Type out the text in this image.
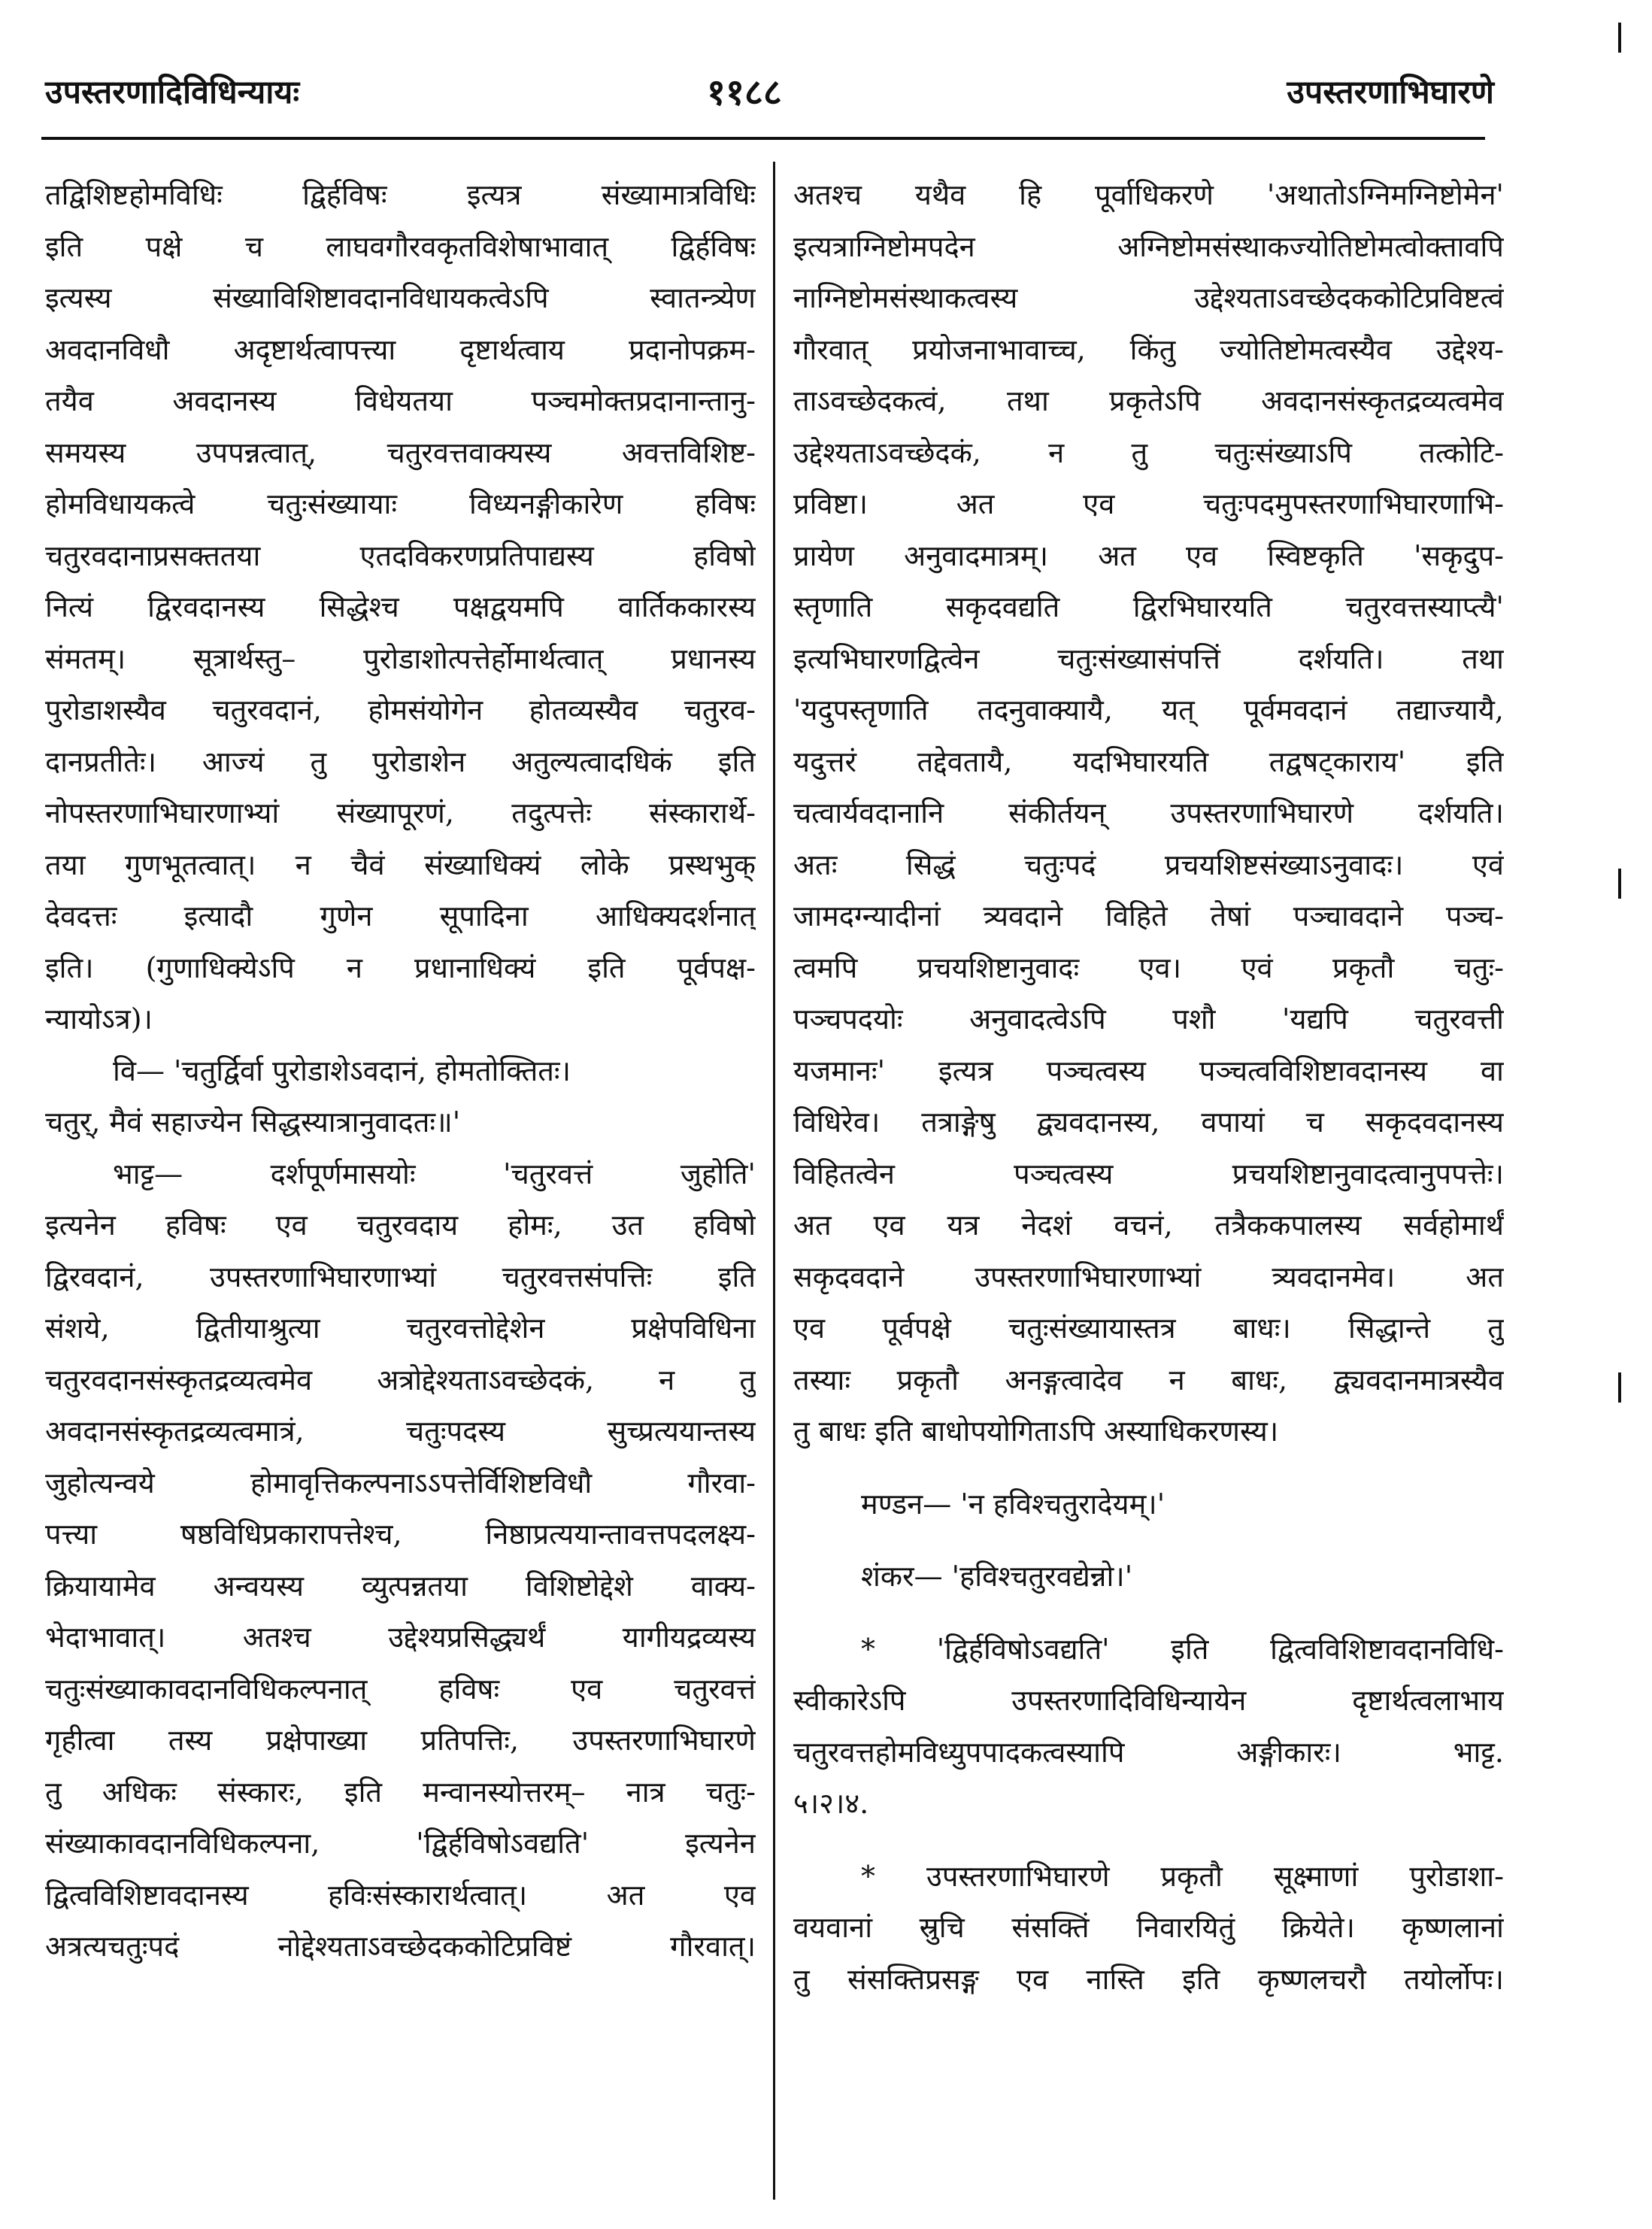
उपस्तरणादिविधिन्यायः	११८८	उपस्तरणाभिघारणे
तद्विशिष्टहोमविधिः द्विर्हविषः इत्यत्र संख्यामात्रविधिः
इति पक्षे च लाघवगौरवकृतविशेषाभावात् द्विर्हविषः
इत्यस्य संख्याविशिष्टावदानविधायकत्वेऽपि स्वातन्त्र्येण
अवदानविधौ अदृष्टार्थत्वापत्त्या दृष्टार्थत्वाय प्रदानोपक्रम-
तयैव अवदानस्य विधेयतया पञ्चमोक्तप्रदानान्तानु-
समयस्य उपपन्नत्वात्, चतुरवत्तवाक्यस्य अवत्तविशिष्ट-
होमविधायकत्वे चतुःसंख्यायाः विध्यनङ्गीकारेण हविषः
चतुरवदानाप्रसक्ततया एतदविकरणप्रतिपाद्यस्य हविषो
नित्यं द्विरवदानस्य सिद्धेश्च पक्षद्वयमपि वार्तिककारस्य
संमतम्। सूत्रार्थस्तु– पुरोडाशोत्पत्तेर्होमार्थत्वात् प्रधानस्य
पुरोडाशस्यैव चतुरवदानं, होमसंयोगेन होतव्यस्यैव चतुरव-
दानप्रतीतेः। आज्यं तु पुरोडाशेन अतुल्यत्वादधिकं इति
नोपस्तरणाभिघारणाभ्यां संख्यापूरणं, तदुत्पत्तेः संस्कारार्थे-
तया गुणभूतत्वात्। न चैवं संख्याधिक्यं लोके प्रस्थभुक्
देवदत्तः इत्यादौ गुणेन सूपादिना आधिक्यदर्शनात्
इति। (गुणाधिक्येऽपि न प्रधानाधिक्यं इति पूर्वपक्ष-
न्यायोऽत्र)।
वि— 'चतुर्द्विर्वा पुरोडाशेऽवदानं, होमतोक्तितः।
चतुर्, मैवं सहाज्येन सिद्धस्यात्रानुवादतः॥'
भाट्ट— दर्शपूर्णमासयोः 'चतुरवत्तं जुहोति'
इत्यनेन हविषः एव चतुरवदाय होमः, उत हविषो
द्विरवदानं, उपस्तरणाभिघारणाभ्यां चतुरवत्तसंपत्तिः इति
संशये, द्वितीयाश्रुत्या चतुरवत्तोद्देशेन प्रक्षेपविधिना
चतुरवदानसंस्कृतद्रव्यत्वमेव अत्रोद्देश्यताऽवच्छेदकं, न तु
अवदानसंस्कृतद्रव्यत्वमात्रं, चतुःपदस्य सुच्प्रत्ययान्तस्य
जुहोत्यन्वये होमावृत्तिकल्पनाऽऽपत्तेर्विशिष्टविधौ गौरवा-
पत्त्या षष्ठविधिप्रकारापत्तेश्च, निष्ठाप्रत्ययान्तावत्तपदलक्ष्य-
क्रियायामेव अन्वयस्य व्युत्पन्नतया विशिष्टोद्देशे वाक्य-
भेदाभावात्। अतश्च उद्देश्यप्रसिद्ध्यर्थं यागीयद्रव्यस्य
चतुःसंख्याकावदानविधिकल्पनात् हविषः एव चतुरवत्तं
गृहीत्वा तस्य प्रक्षेपाख्या प्रतिपत्तिः, उपस्तरणाभिघारणे
तु अधिकः संस्कारः, इति मन्वानस्योत्तरम्– नात्र चतुः-
संख्याकावदानविधिकल्पना, 'द्विर्हविषोऽवद्यति' इत्यनेन
द्वित्वविशिष्टावदानस्य हविःसंस्कारार्थत्वात्। अत एव
अत्रत्यचतुःपदं नोद्देश्यताऽवच्छेदककोटिप्रविष्टं गौरवात्।
अतश्च यथैव हि पूर्वाधिकरणे 'अथातोऽग्निमग्निष्टोमेन'
इत्यत्राग्निष्टोमपदेन अग्निष्टोमसंस्थाकज्योतिष्टोमत्वोक्तावपि
नाग्निष्टोमसंस्थाकत्वस्य उद्देश्यताऽवच्छेदककोटिप्रविष्टत्वं
गौरवात् प्रयोजनाभावाच्च, किंतु ज्योतिष्टोमत्वस्यैव उद्देश्य-
ताऽवच्छेदकत्वं, तथा प्रकृतेऽपि अवदानसंस्कृतद्रव्यत्वमेव
उद्देश्यताऽवच्छेदकं, न तु चतुःसंख्याऽपि तत्कोटि-
प्रविष्टा। अत एव चतुःपदमुपस्तरणाभिघारणाभि-
प्रायेण अनुवादमात्रम्। अत एव स्विष्टकृति 'सकृदुप-
स्तृणाति सकृदवद्यति द्विरभिघारयति चतुरवत्तस्याप्त्यै'
इत्यभिघारणद्वित्वेन चतुःसंख्यासंपत्तिं दर्शयति। तथा
'यदुपस्तृणाति तदनुवाक्यायै, यत् पूर्वमवदानं तद्याज्यायै,
यदुत्तरं तद्देवतायै, यदभिघारयति तद्वषट्काराय' इति
चत्वार्यवदानानि संकीर्तयन् उपस्तरणाभिघारणे दर्शयति।
अतः सिद्धं चतुःपदं प्रचयशिष्टसंख्याऽनुवादः। एवं
जामदग्न्यादीनां त्र्यवदाने विहिते तेषां पञ्चावदाने पञ्च-
त्वमपि प्रचयशिष्टानुवादः एव। एवं प्रकृतौ चतुः-
पञ्चपदयोः अनुवादत्वेऽपि पशौ 'यद्यपि चतुरवत्ती
यजमानः' इत्यत्र पञ्चत्वस्य पञ्चत्वविशिष्टावदानस्य वा
विधिरेव। तत्राङ्गेषु द्व्यवदानस्य, वपायां च सकृदवदानस्य
विहितत्वेन पञ्चत्वस्य प्रचयशिष्टानुवादत्वानुपपत्तेः।
अत एव यत्र नेदशं वचनं, तत्रैककपालस्य सर्वहोमार्थं
सकृदवदाने उपस्तरणाभिघारणाभ्यां त्र्यवदानमेव। अत
एव पूर्वपक्षे चतुःसंख्यायास्तत्र बाधः। सिद्धान्ते तु
तस्याः प्रकृतौ अनङ्गत्वादेव न बाधः, द्व्यवदानमात्रस्यैव
तु बाधः इति बाधोपयोगिताऽपि अस्याधिकरणस्य।
मण्डन— 'न हविश्चतुरादेयम्।'
शंकर— 'हविश्चतुरवद्येन्नो।'
* 'द्विर्हविषोऽवद्यति' इति द्वित्वविशिष्टावदानविधि-
स्वीकारेऽपि उपस्तरणादिविधिन्यायेन दृष्टार्थत्वलाभाय
चतुरवत्तहोमविध्युपपादकत्वस्यापि अङ्गीकारः। भाट्ट.
५।२।४.
* उपस्तरणाभिघारणे प्रकृतौ सूक्ष्माणां पुरोडाशा-
वयवानां स्रुचि संसक्तिं निवारयितुं क्रियेते। कृष्णलानां
तु संसक्तिप्रसङ्ग एव नास्ति इति कृष्णलचरौ तयोर्लोपः।
